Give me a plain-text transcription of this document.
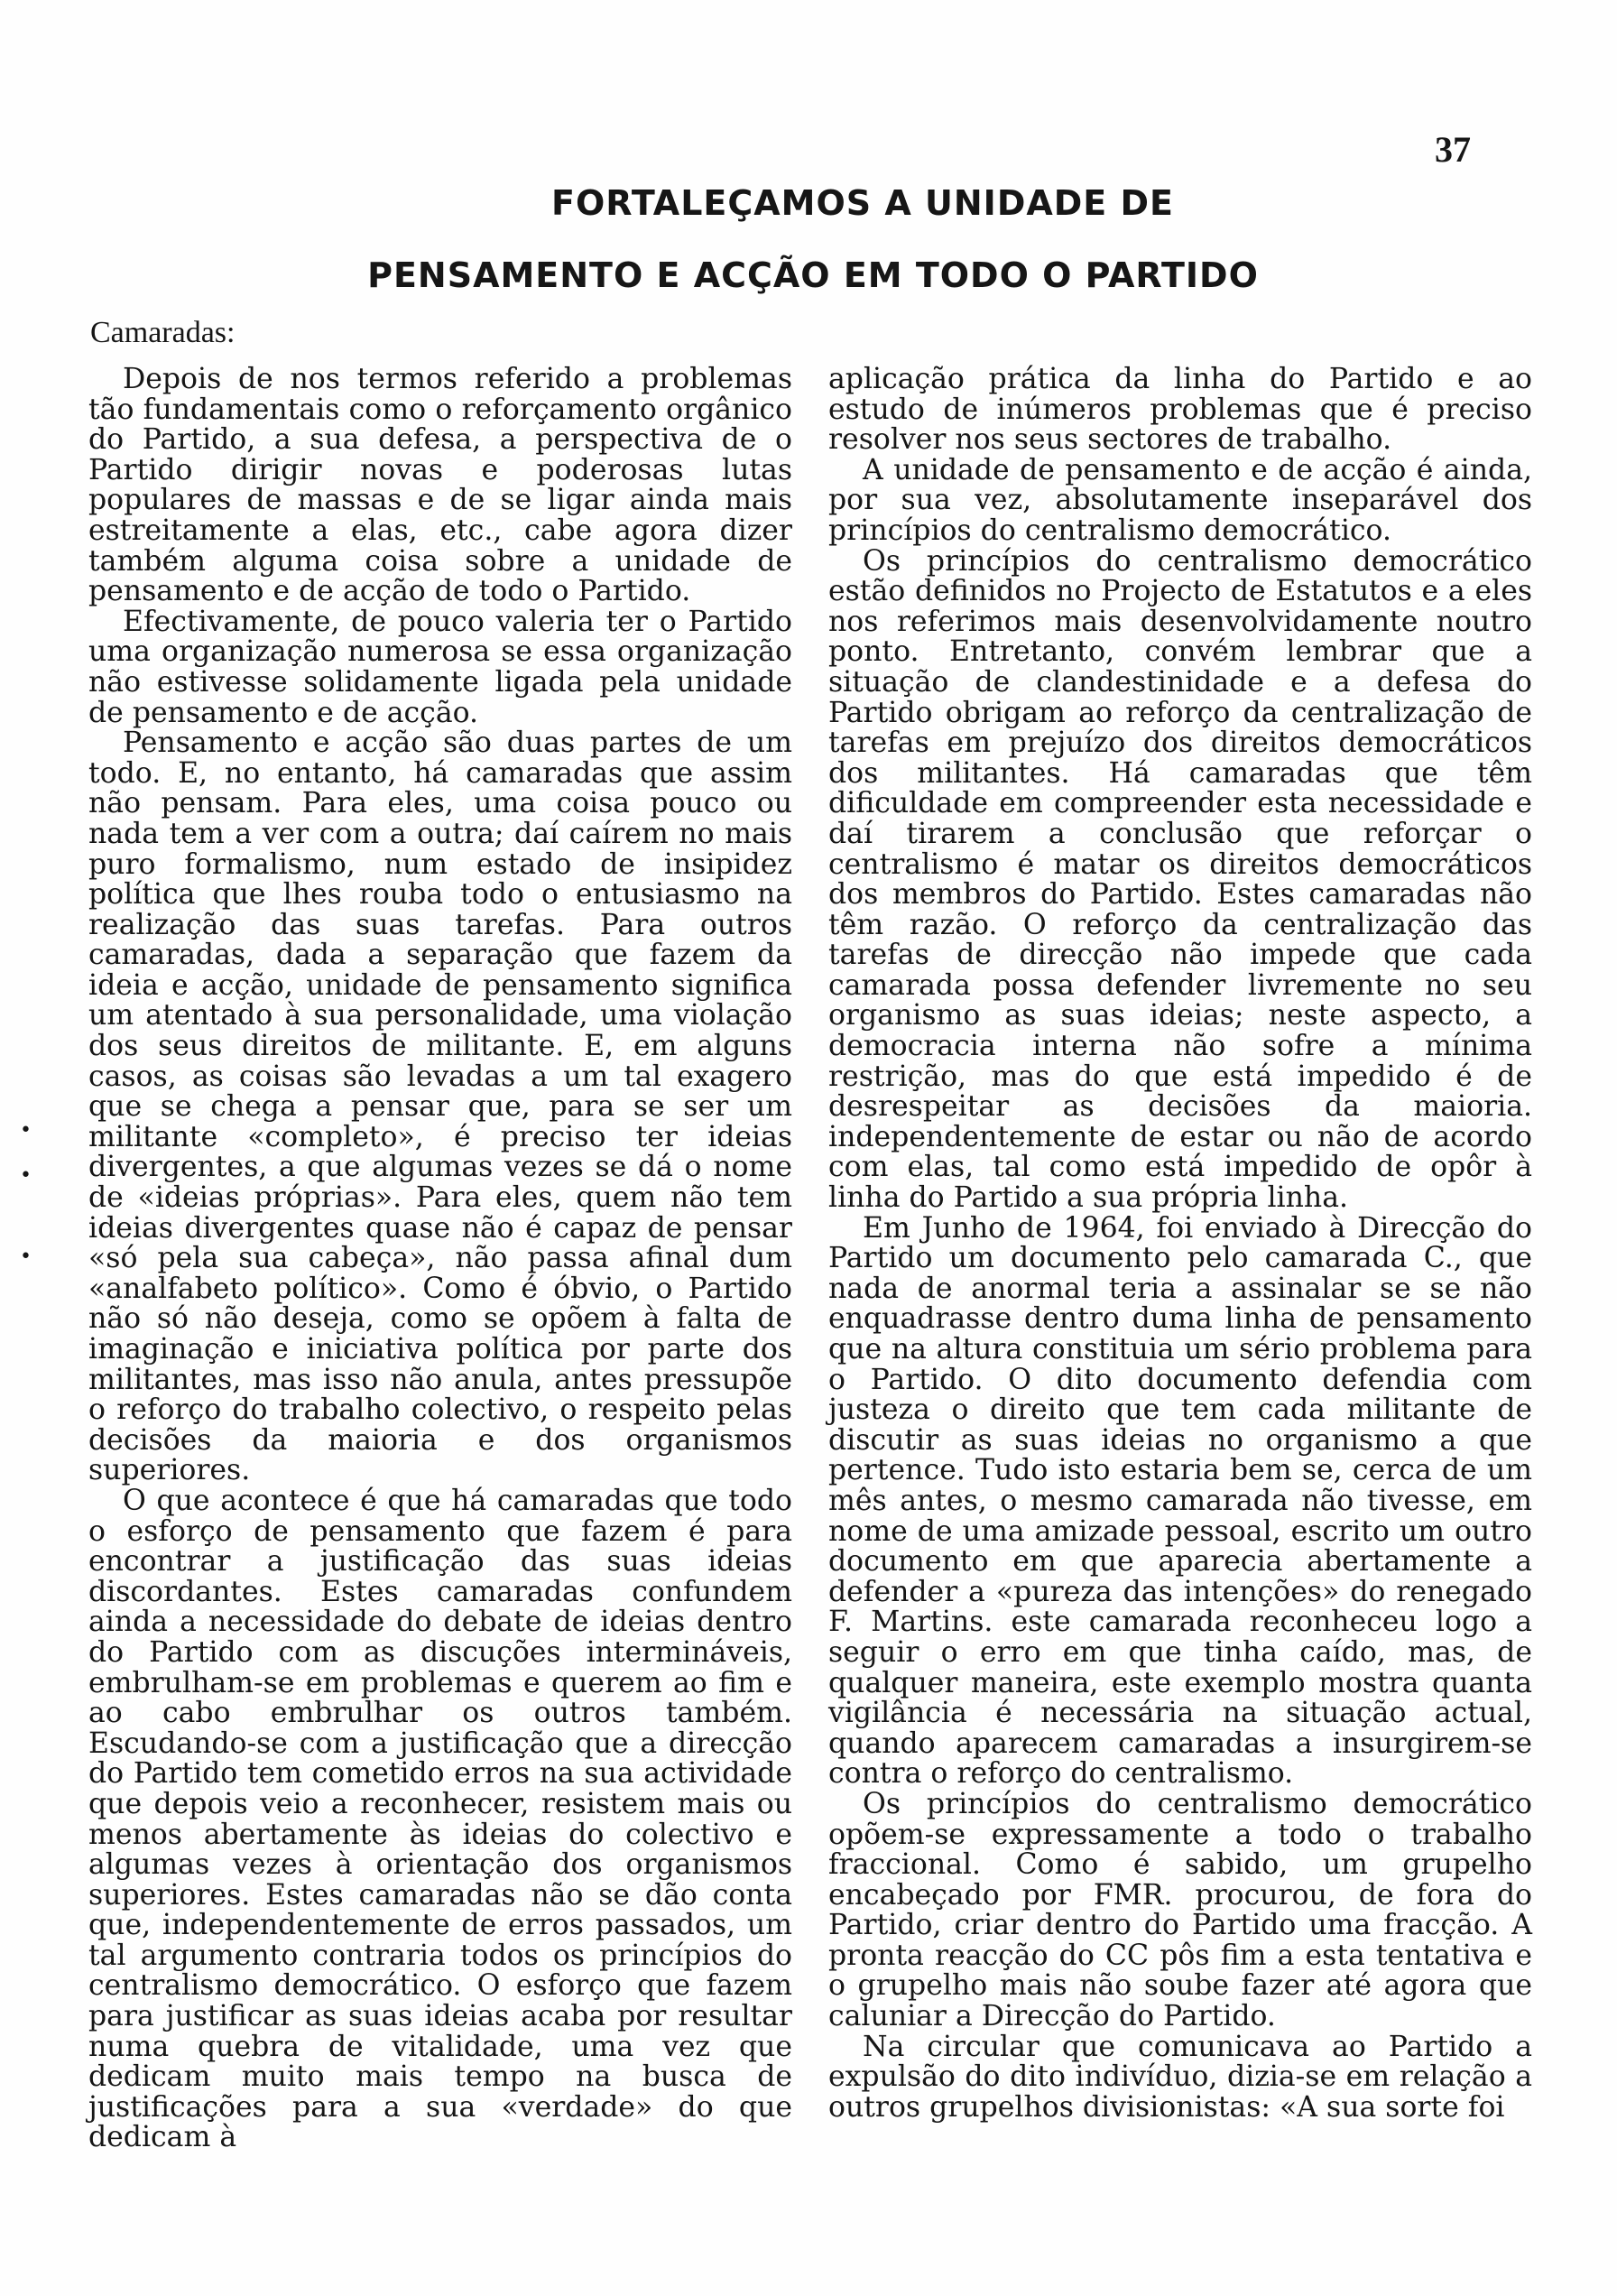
37
FORTALEÇAMOS A UNIDADE DE
PENSAMENTO E ACÇÃO EM TODO O PARTIDO
Camaradas:
•
•
•

Depois de nos termos referido a problemas tão fundamentais como o reforçamento orgânico do Partido, a sua defesa, a perspectiva de o Partido dirigir novas e poderosas lutas populares de massas e de se ligar ainda mais estreitamente a elas, etc., cabe agora dizer também alguma coisa sobre a unidade de pensamento e de acção de todo o Partido.

Efectivamente, de pouco valeria ter o Partido uma organização numerosa se essa organização não estivesse solidamente ligada pela unidade de pensamento e de acção.

Pensamento e acção são duas partes de um todo. E, no entanto, há camaradas que assim não pensam. Para eles, uma coisa pouco ou nada tem a ver com a outra; daí caírem no mais puro formalismo, num estado de insipidez política que lhes rouba todo o entusiasmo na realização das suas tarefas. Para outros camaradas, dada a separação que fazem da ideia e acção, unidade de pensamento significa um atentado à sua personalidade, uma violação dos seus direitos de militante. E, em alguns casos, as coisas são levadas a um tal exagero que se chega a pensar que, para se ser um militante «completo», é preciso ter ideias divergentes, a que algumas vezes se dá o nome de «ideias próprias». Para eles, quem não tem ideias divergentes quase não é capaz de pensar «só pela sua cabeça», não passa afinal dum «analfabeto político». Como é óbvio, o Partido não só não deseja, como se opõem à falta de imaginação e iniciativa política por parte dos militantes, mas isso não anula, antes pressupõe o reforço do trabalho colectivo, o respeito pelas decisões da maioria e dos organismos superiores.

O que acontece é que há camaradas que todo o esforço de pensamento que fazem é para encontrar a justificação das suas ideias discordantes. Estes camaradas confundem ainda a necessidade do debate de ideias dentro do Partido com as discuções intermináveis, embrulham-se em problemas e querem ao fim e ao cabo embrulhar os outros também. Escudando-se com a justificação que a direcção do Partido tem cometido erros na sua actividade que depois veio a reconhecer, resistem mais ou menos abertamente às ideias do colectivo e algumas vezes à orientação dos organismos superiores. Estes camaradas não se dão conta que, independentemente de erros passados, um tal argumento contraria todos os princípios do centralismo democrático. O esforço que fazem para justificar as suas ideias acaba por resultar numa quebra de vitalidade, uma vez que dedicam muito mais tempo na busca de justificações para a sua «verdade» do que dedicam à

aplicação prática da linha do Partido e ao estudo de inúmeros problemas que é preciso resolver nos seus sectores de trabalho.

A unidade de pensamento e de acção é ainda, por sua vez, absolutamente inseparável dos princípios do centralismo democrático.

Os princípios do centralismo democrático estão definidos no Projecto de Estatutos e a eles nos referimos mais desenvolvidamente noutro ponto. Entretanto, convém lembrar que a situação de clandestinidade e a defesa do Partido obrigam ao reforço da centralização de tarefas em prejuízo dos direitos democráticos dos militantes. Há camaradas que têm dificuldade em compreender esta necessidade e daí tirarem a conclusão que reforçar o centralismo é matar os direitos democráticos dos membros do Partido. Estes camaradas não têm razão. O reforço da centralização das tarefas de direcção não impede que cada camarada possa defender livremente no seu organismo as suas ideias; neste aspecto, a democracia interna não sofre a mínima restrição, mas do que está impedido é de desrespeitar as decisões da maioria. independentemente de estar ou não de acordo com elas, tal como está impedido de opôr à linha do Partido a sua própria linha.

Em Junho de 1964, foi enviado à Direcção do Partido um documento pelo camarada C., que nada de anormal teria a assinalar se se não enquadrasse dentro duma linha de pensamento que na altura constituia um sério problema para o Partido. O dito documento defendia com justeza o direito que tem cada militante de discutir as suas ideias no organismo a que pertence. Tudo isto estaria bem se, cerca de um mês antes, o mesmo camarada não tivesse, em nome de uma amizade pessoal, escrito um outro documento em que aparecia abertamente a defender a «pureza das intenções» do renegado F. Martins. este camarada reconheceu logo a seguir o erro em que tinha caído, mas, de qualquer maneira, este exemplo mostra quanta vigilância é necessária na situação actual, quando aparecem camaradas a insurgirem-se contra o reforço do centralismo.

Os princípios do centralismo democrático opõem-se expressamente a todo o trabalho fraccional. Como é sabido, um grupelho encabeçado por FMR. procurou, de fora do Partido, criar dentro do Partido uma fracção. A pronta reacção do CC pôs fim a esta tentativa e o grupelho mais não soube fazer até agora que caluniar a Direcção do Partido.

Na circular que comunicava ao Partido a expulsão do dito indivíduo, dizia-se em relação a outros grupelhos divisionistas: «A sua sorte foi
